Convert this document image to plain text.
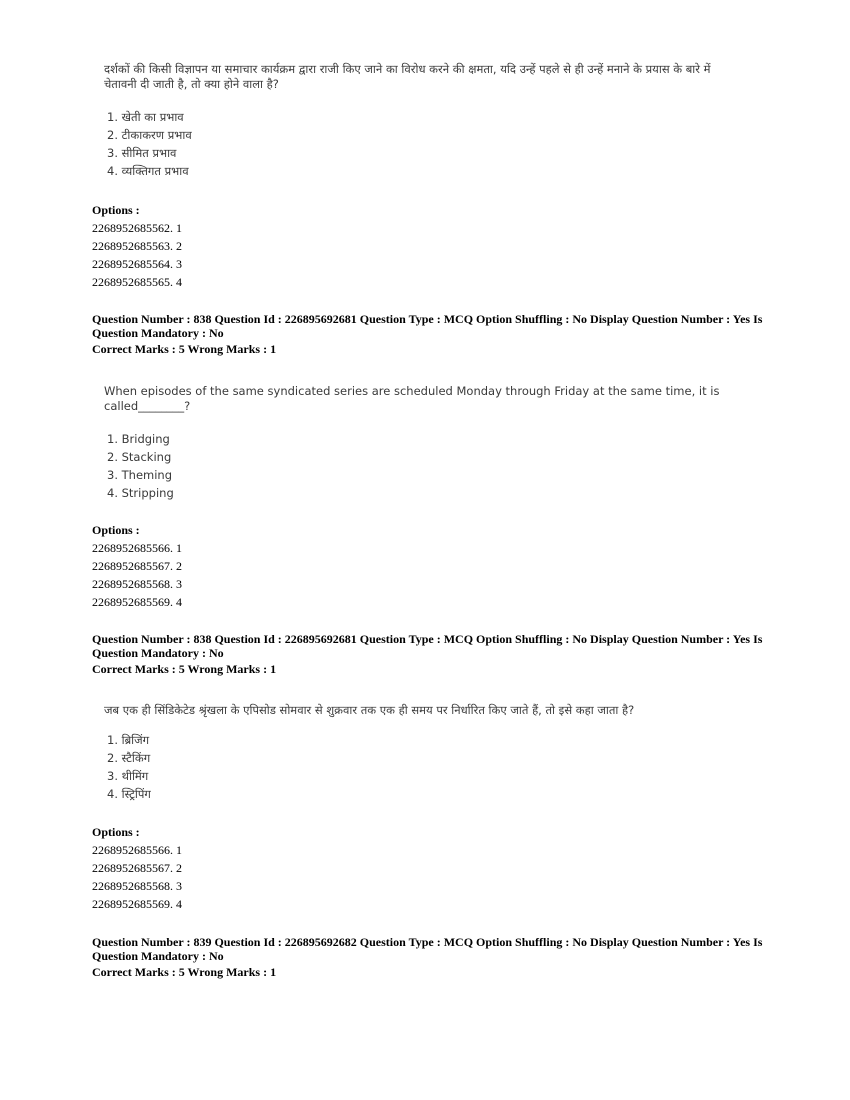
दर्शकों की किसी विज्ञापन या समाचार कार्यक्रम द्वारा राजी किए जाने का विरोध करने की क्षमता, यदि उन्हें पहले से ही उन्हें मनाने के प्रयास के बारे में चेतावनी दी जाती है, तो क्या होने वाला है?
1. खेती का प्रभाव
2. टीकाकरण प्रभाव
3. सीमित प्रभाव
4. व्यक्तिगत प्रभाव
Options :
2268952685562. 1
2268952685563. 2
2268952685564. 3
2268952685565. 4
Question Number : 838 Question Id : 226895692681 Question Type : MCQ Option Shuffling : No Display Question Number : Yes Is Question Mandatory : No
Correct Marks : 5 Wrong Marks : 1
When episodes of the same syndicated series are scheduled Monday through Friday at the same time, it is called________?
1. Bridging
2. Stacking
3. Theming
4. Stripping
Options :
2268952685566. 1
2268952685567. 2
2268952685568. 3
2268952685569. 4
Question Number : 838 Question Id : 226895692681 Question Type : MCQ Option Shuffling : No Display Question Number : Yes Is Question Mandatory : No
Correct Marks : 5 Wrong Marks : 1
जब एक ही सिंडिकेटेड श्रृंखला के एपिसोड सोमवार से शुक्रवार तक एक ही समय पर निर्धारित किए जाते हैं, तो इसे कहा जाता है?
1. ब्रिजिंग
2. स्टैकिंग
3. थीमिंग
4. स्ट्रिपिंग
Options :
2268952685566. 1
2268952685567. 2
2268952685568. 3
2268952685569. 4
Question Number : 839 Question Id : 226895692682 Question Type : MCQ Option Shuffling : No Display Question Number : Yes Is Question Mandatory : No
Correct Marks : 5 Wrong Marks : 1
